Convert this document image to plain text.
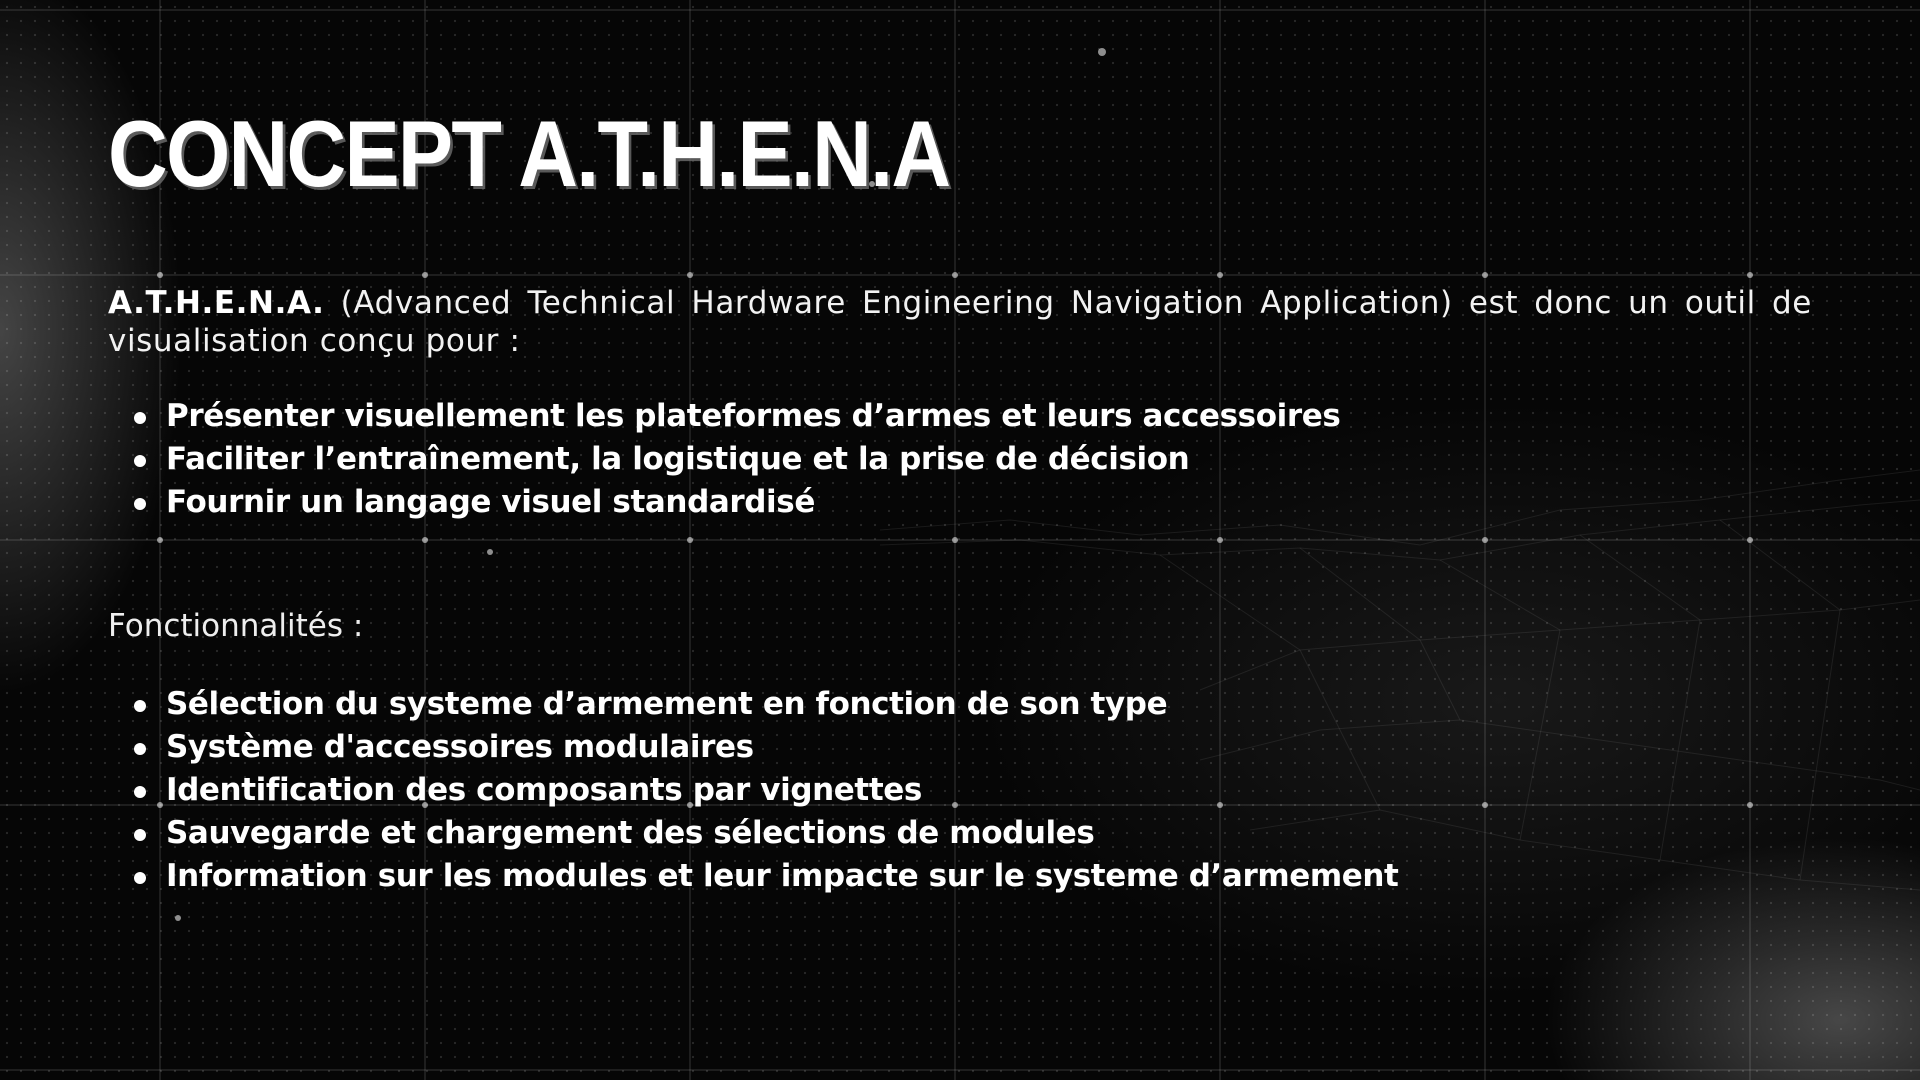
CONCEPT A.T.H.E.N.A

A.T.H.E.N.A. (Advanced Technical Hardware Engineering Navigation Application) est donc un outil de visualisation conçu pour :

Présenter visuellement les plateformes d’armes et leurs accessoires
Faciliter l’entraînement, la logistique et la prise de décision
Fournir un langage visuel standardisé

Fonctionnalités :

Sélection du systeme d’armement en fonction de son type
Système d'accessoires modulaires
Identification des composants par vignettes
Sauvegarde et chargement des sélections de modules
Information sur les modules et leur impacte sur le systeme d’armement
